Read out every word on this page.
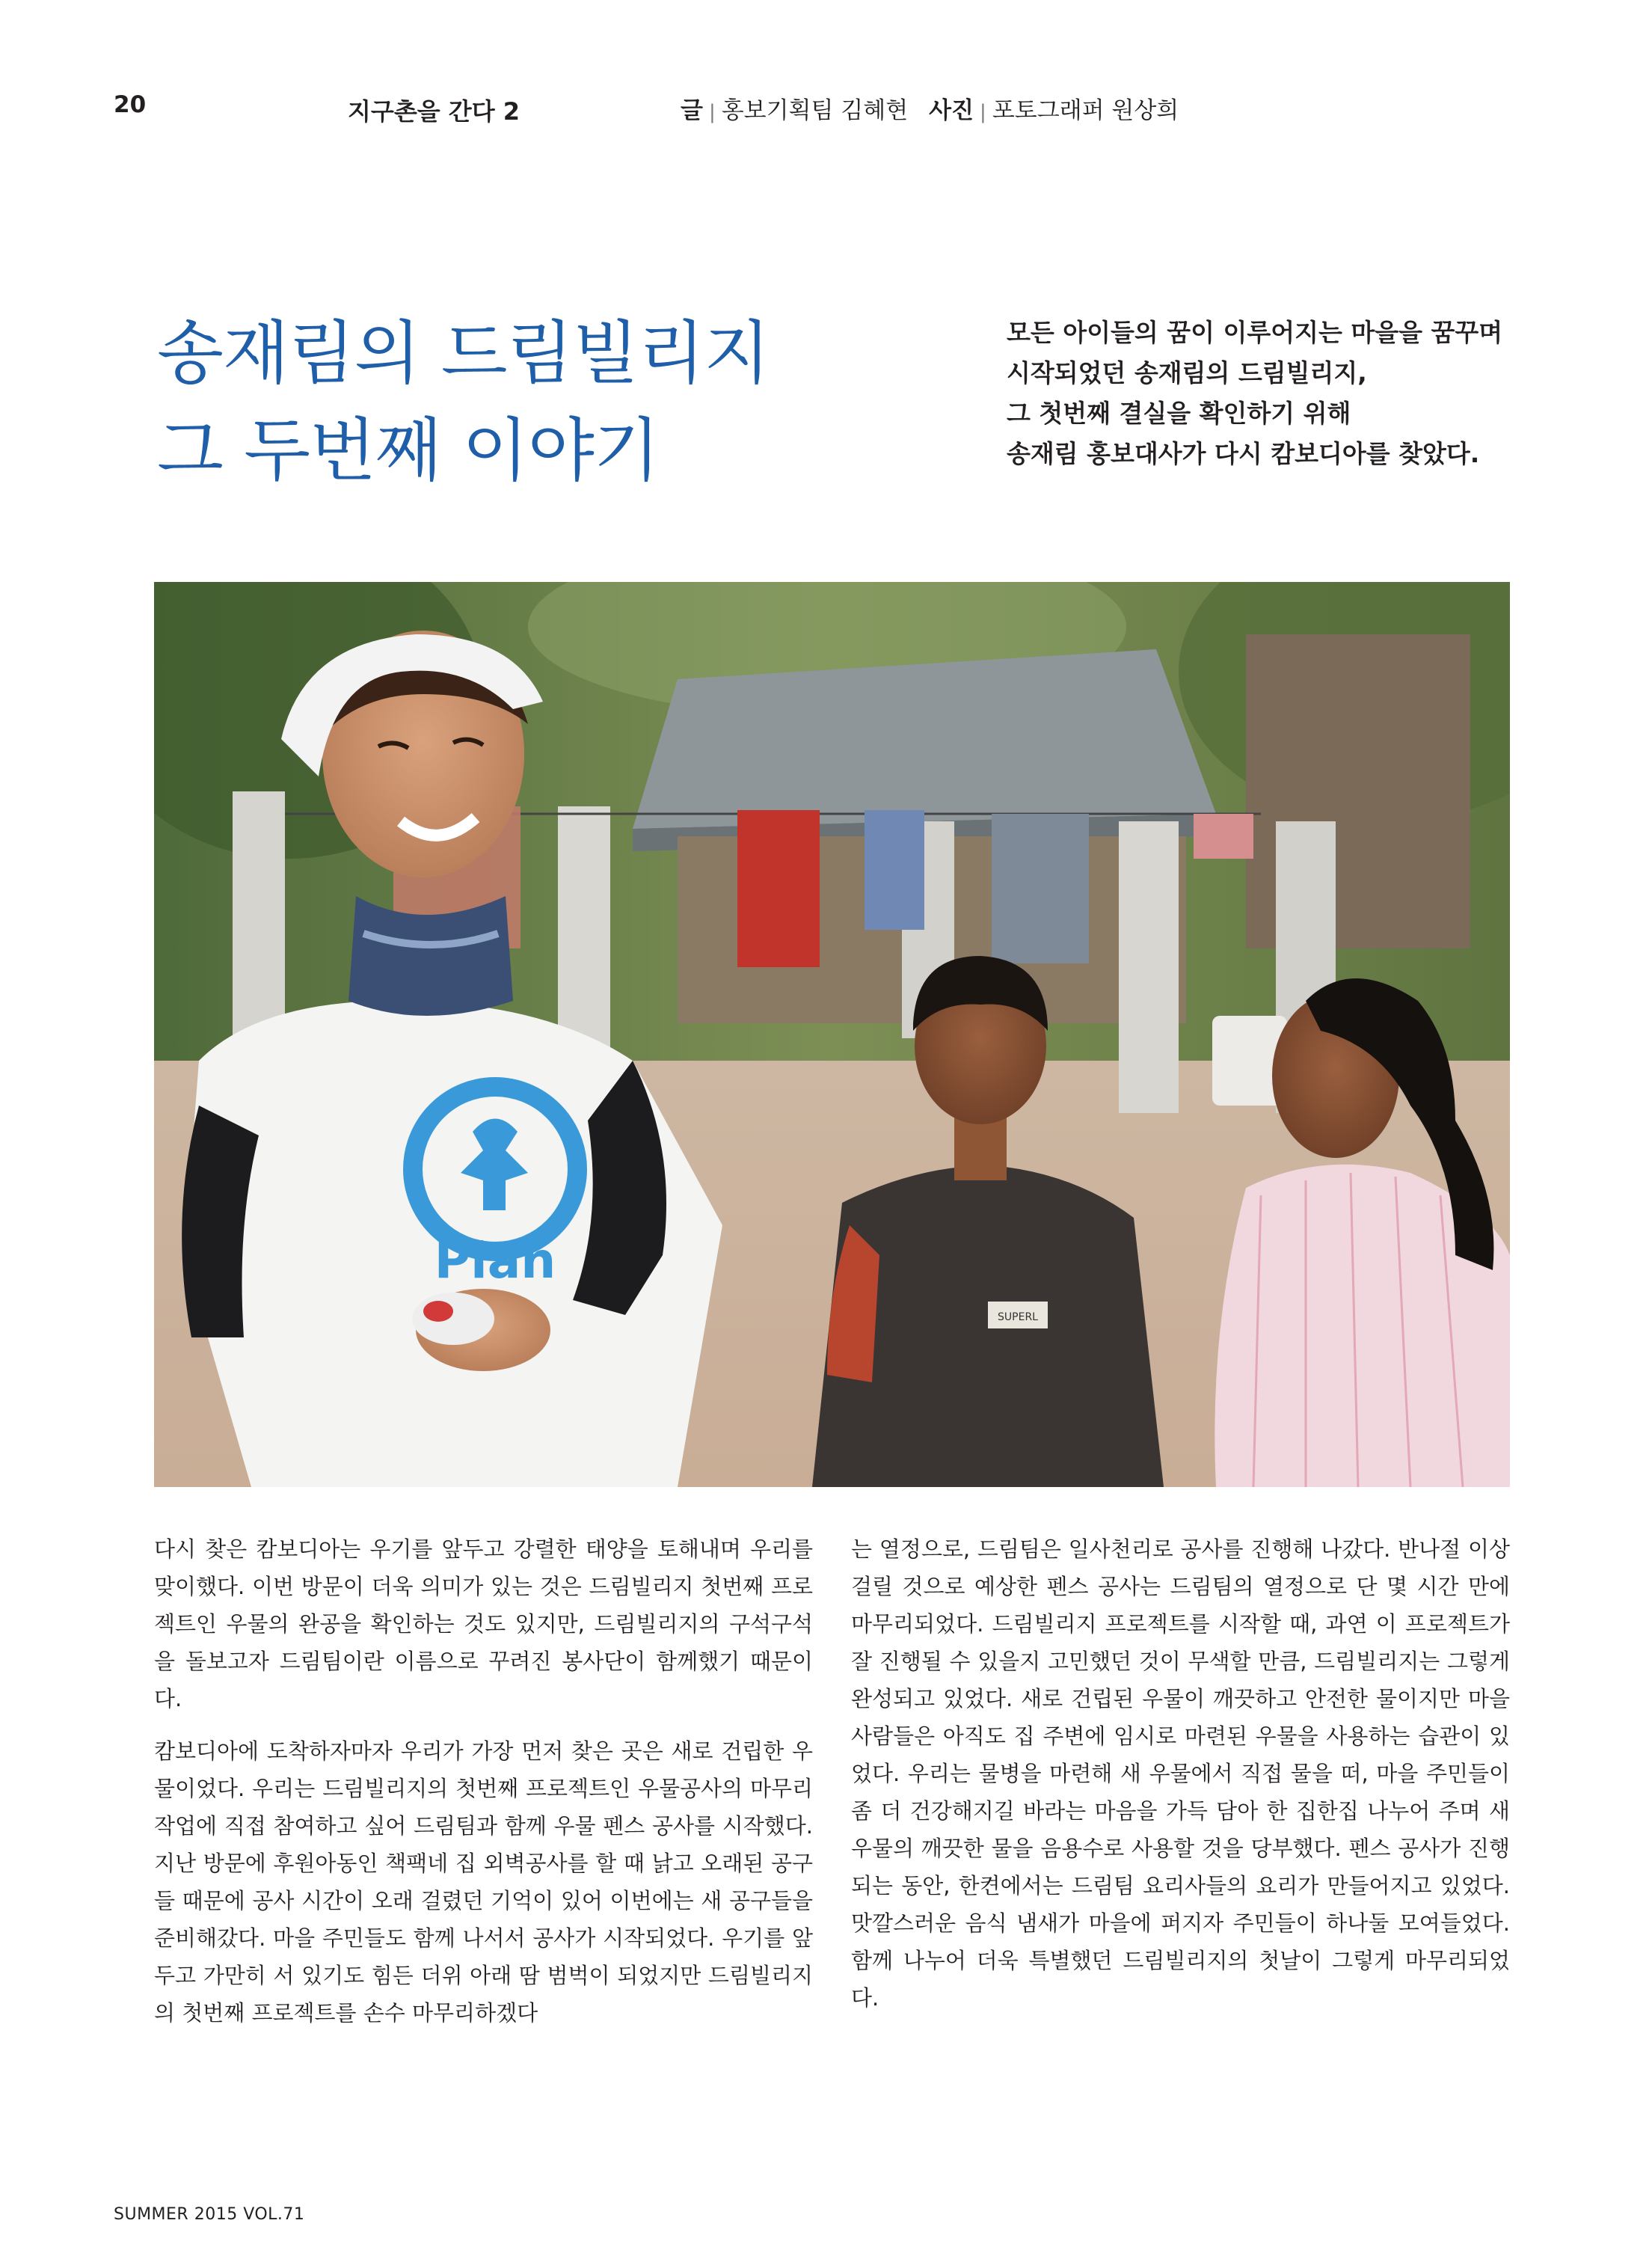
20	지구촌을 간다 2	글 | 홍보기획팀 김혜현 사진 | 포토그래퍼 원상희
송재림의 드림빌리지
그 두번째 이야기
모든 아이들의 꿈이 이루어지는 마을을 꿈꾸며
시작되었던 송재림의 드림빌리지,
그 첫번째 결실을 확인하기 위해
송재림 홍보대사가 다시 캄보디아를 찾았다.
Plan
SUPERL

다시 찾은 캄보디아는 우기를 앞두고 강렬한 태양을 토해내며 우리를 맞이했다. 이번 방문이 더욱 의미가 있는 것은 드림빌리지 첫번째 프로젝트인 우물의 완공을 확인하는 것도 있지만, 드림빌리지의 구석구석을 돌보고자 드림팀이란 이름으로 꾸려진 봉사단이 함께했기 때문이다.

캄보디아에 도착하자마자 우리가 가장 먼저 찾은 곳은 새로 건립한 우물이었다. 우리는 드림빌리지의 첫번째 프로젝트인 우물공사의 마무리 작업에 직접 참여하고 싶어 드림팀과 함께 우물 펜스 공사를 시작했다. 지난 방문에 후원아동인 책팩네 집 외벽공사를 할 때 낡고 오래된 공구들 때문에 공사 시간이 오래 걸렸던 기억이 있어 이번에는 새 공구들을 준비해갔다. 마을 주민들도 함께 나서서 공사가 시작되었다. 우기를 앞두고 가만히 서 있기도 힘든 더위 아래 땀 범벅이 되었지만 드림빌리지의 첫번째 프로젝트를 손수 마무리하겠다

는 열정으로, 드림팀은 일사천리로 공사를 진행해 나갔다. 반나절 이상 걸릴 것으로 예상한 펜스 공사는 드림팀의 열정으로 단 몇 시간 만에 마무리되었다. 드림빌리지 프로젝트를 시작할 때, 과연 이 프로젝트가 잘 진행될 수 있을지 고민했던 것이 무색할 만큼, 드림빌리지는 그렇게 완성되고 있었다. 새로 건립된 우물이 깨끗하고 안전한 물이지만 마을 사람들은 아직도 집 주변에 임시로 마련된 우물을 사용하는 습관이 있었다. 우리는 물병을 마련해 새 우물에서 직접 물을 떠, 마을 주민들이 좀 더 건강해지길 바라는 마음을 가득 담아 한 집한집 나누어 주며 새 우물의 깨끗한 물을 음용수로 사용할 것을 당부했다. 펜스 공사가 진행되는 동안, 한켠에서는 드림팀 요리사들의 요리가 만들어지고 있었다. 맛깔스러운 음식 냄새가 마을에 퍼지자 주민들이 하나둘 모여들었다. 함께 나누어 더욱 특별했던 드림빌리지의 첫날이 그렇게 마무리되었다.

SUMMER 2015 VOL.71
